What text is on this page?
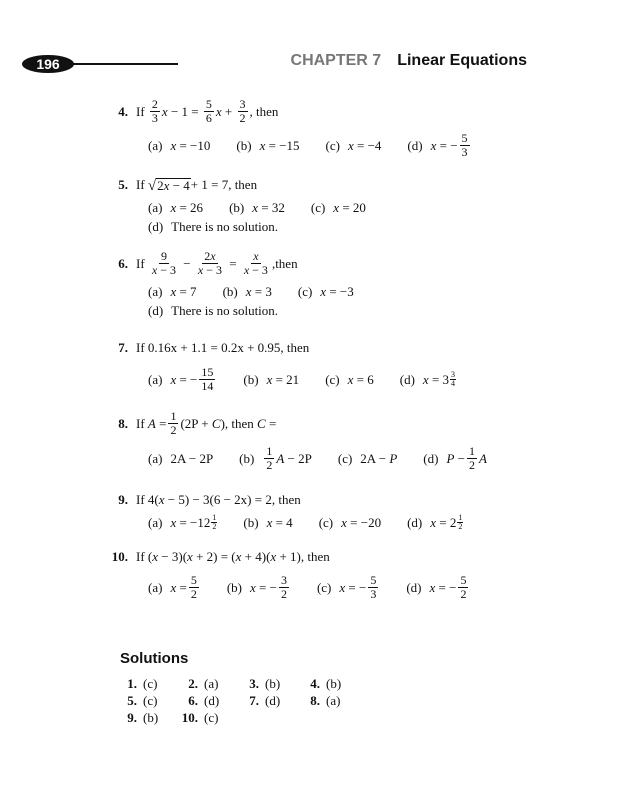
196	CHAPTER 7 Linear Equations
4. If
$\frac{2}{3}$ $x - 1 = \frac{5}{6}$ $x + \frac{3}{2}$ , then
(a) x = −10 (b) x = −15 (c) x = −4 (d) x = − $\frac{5}{3}$
5. If
√ 2x − 4 + 1 = 7, then
(a) x = 26 (b) x = 32 (c) x = 20
(d) There is no solution.
6. If
$\frac{9}{x - 3} - \frac{2x}{x - 3} = \frac{x}{x - 3}$ , then
(a) x = 7 (b) x = 3 (c) x = −3
(d) There is no solution.
7. If 0.16x + 1.1 = 0.2x + 0.95, then
(a) x = − $\frac{15}{14} (b) x = 21$ (c) x = 6 (d) $x = 3 \frac{3}{4}$
8. If $A = \frac{1}{2} (2P + C)$, then C =
(a) 2A − 2P $(b) \frac{1}{2}$ A − 2P (c) 2A − P (d) $P - \frac{1}{2}$ A
9. If 4(x − 5) − 3(6 − 2x) = 2, then
(a) $x = -12 \frac{1}{2} (b) x = 4$ (c) x = −20 (d) $x = 2 \frac{1}{2}$
10. If (x − 3)(x + 2) = (x + 4)(x + 1), then
(a) $x = \frac{5}{2} (b) x$ = − $\frac{3}{2} (c) x$ = − $\frac{5}{3} (d) x$ = − $\frac{5}{2}$
Solutions
1.	(c)	2.	(a)	3.	(b)	4.	(b)
5.	(c)	6.	(d)	7.	(d)	8.	(a)
9.	(b)	10.	(c)				
